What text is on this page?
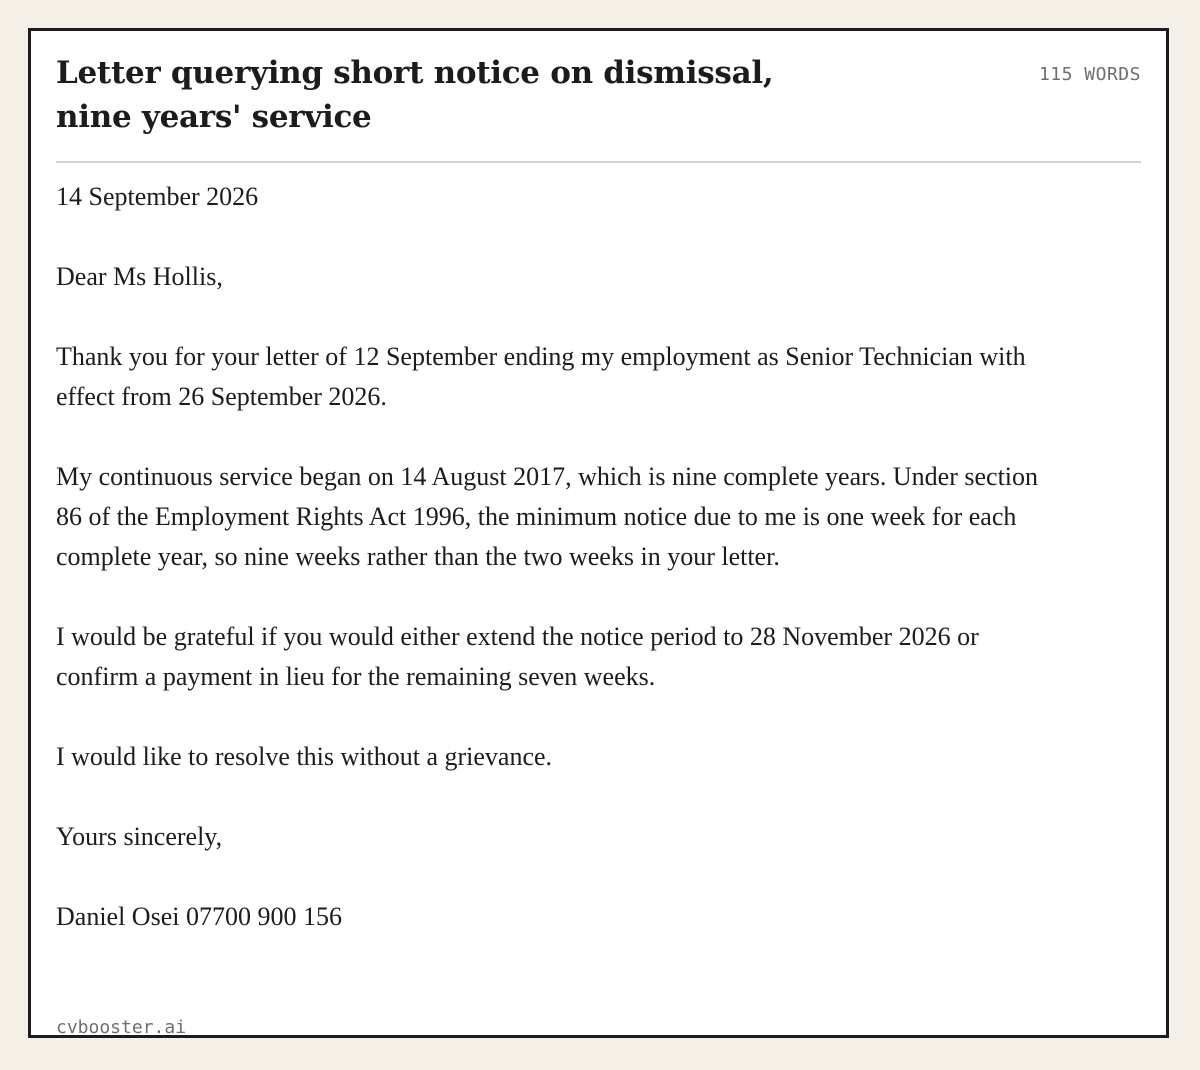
Letter querying short notice on dismissal,
nine years' service
115 WORDS

14 September 2026

Dear Ms Hollis,

Thank you for your letter of 12 September ending my employment as Senior Technician with effect from 26 September 2026.

My continuous service began on 14 August 2017, which is nine complete years. Under section 86 of the Employment Rights Act 1996, the minimum notice due to me is one week for each complete year, so nine weeks rather than the two weeks in your letter.

I would be grateful if you would either extend the notice period to 28 November 2026 or confirm a payment in lieu for the remaining seven weeks.

I would like to resolve this without a grievance.

Yours sincerely,

Daniel Osei 07700 900 156

cvbooster.ai
